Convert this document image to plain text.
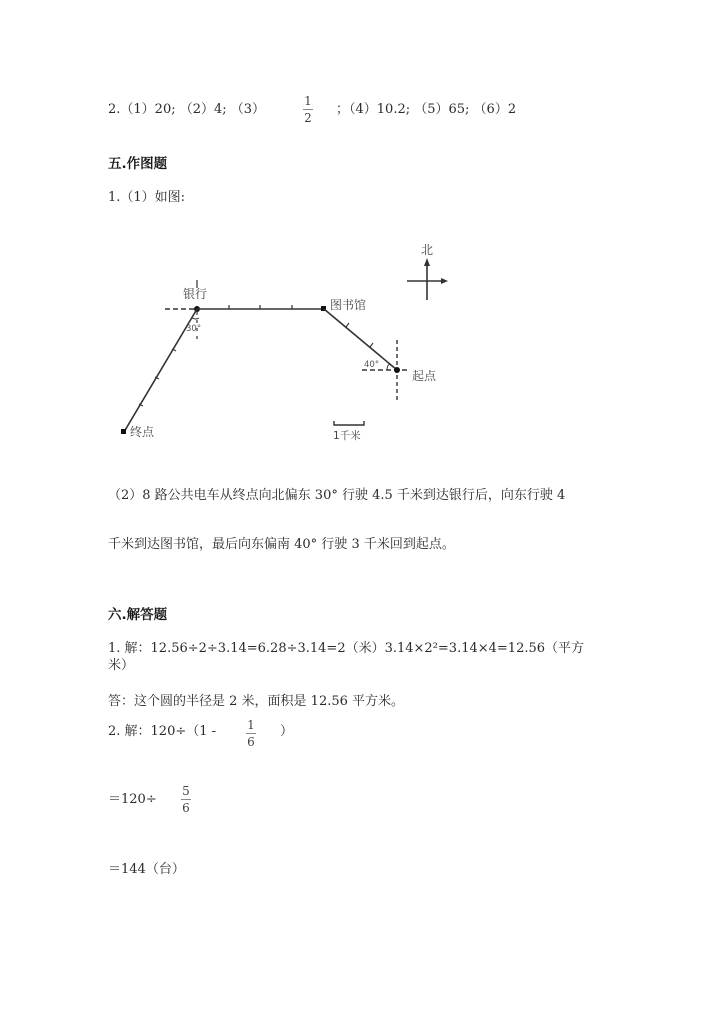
2.（1）20; （2）4; （3）
1
2
；（4）10.2; （5）65; （6）2
五.作图题
1.（1）如图:
北
银行
30°
图书馆
40°
起点
终点	1千米
（2）8 路公共电车从终点向北偏东 30° 行驶 4.5 千米到达银行后，向东行驶 4
千米到达图书馆，最后向东偏南 40° 行驶 3 千米回到起点。
六.解答题
1. 解：12.56÷2÷3.14=6.28÷3.14=2（米）3.14×2²=3.14×4=12.56（平方
米）
答：这个圆的半径是 2 米，面积是 12.56 平方米。
2. 解：120÷（1 -	1
6
）
＝120÷
5
6
＝144（台）
